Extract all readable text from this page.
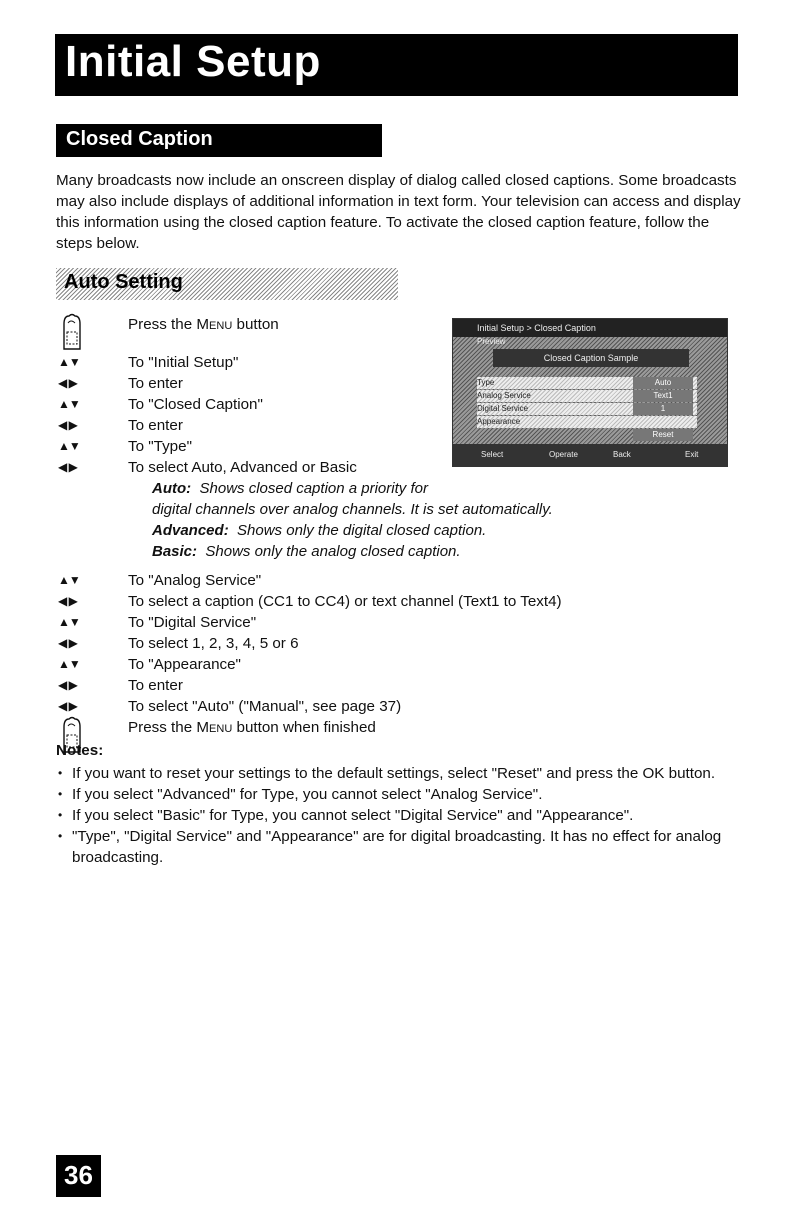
Initial Setup
Closed Caption

Many broadcasts now include an onscreen display of dialog called closed captions. Some broadcasts may also include displays of additional information in text form. Your television can access and display this information using the closed caption feature. To activate the closed caption feature, follow the steps below.

Auto Setting
Press the Menu button
▲▼	To "Initial Setup"
◀ ▶	To enter
▲▼	To "Closed Caption"
◀ ▶	To enter
▲▼	To "Type"
◀ ▶	To select Auto, Advanced or Basic

Auto: Shows closed caption a priority for

digital channels over analog channels. It is set automatically.

Advanced: Shows only the digital closed caption.

Basic: Shows only the analog closed caption.

▲▼	To "Analog Service"
◀ ▶	To select a caption (CC1 to CC4) or text channel (Text1 to Text4)
▲▼	To "Digital Service"
◀ ▶	To select 1, 2, 3, 4, 5 or 6
▲▼	To "Appearance"
◀ ▶	To enter
◀ ▶	To select "Auto" ("Manual", see page 37)
Press the Menu button when finished
Initial Setup > Closed Caption
Preview
Closed Caption Sample
Type	Auto
Analog Service	Text1
Digital Service	1
Appearance
Reset
Select	Operate	Back	Exit
Notes:
• If you want to reset your settings to the default settings, select "Reset" and press the OK button.
• If you select "Advanced" for Type, you cannot select "Analog Service".
• If you select "Basic" for Type, you cannot select "Digital Service" and "Appearance".
• "Type", "Digital Service" and "Appearance" are for digital broadcasting. It has no effect for analog broadcasting.
36
